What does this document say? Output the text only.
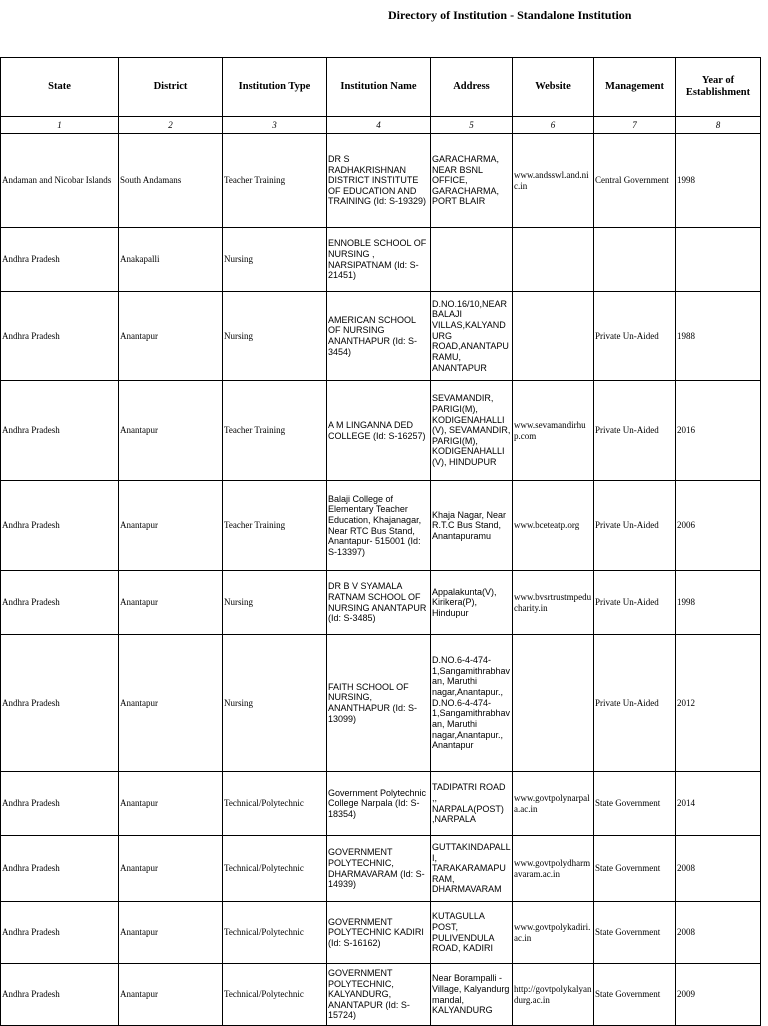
Directory of Institution - Standalone Institution
State	District	Institution Type	Institution Name	Address	Website	Management	Year of Establishment
1	2	3	4	5	6	7	8
Andaman and Nicobar Islands	South Andamans	Teacher Training	DR S RADHAKRISHNAN DISTRICT INSTITUTE OF EDUCATION AND TRAINING (Id: S-19329)	GARACHARMA, NEAR BSNL OFFICE, GARACHARMA, PORT BLAIR	www.andsswl.and.nic.in	Central Government	1998
Andhra Pradesh	Anakapalli	Nursing	ENNOBLE SCHOOL OF NURSING , NARSIPATNAM (Id: S-21451)				
Andhra Pradesh	Anantapur	Nursing	AMERICAN SCHOOL OF NURSING ANANTHAPUR (Id: S-3454)	D.NO.16/10,NEAR BALAJI VILLAS,KALYANDURG ROAD,ANANTAPURAMU, ANANTAPUR		Private Un-Aided	1988
Andhra Pradesh	Anantapur	Teacher Training	A M LINGANNA DED COLLEGE (Id: S-16257)	SEVAMANDIR, PARIGI(M), KODIGENAHALLI (V), SEVAMANDIR, PARIGI(M), KODIGENAHALLI (V), HINDUPUR	www.sevamandirhup.com	Private Un-Aided	2016
Andhra Pradesh	Anantapur	Teacher Training	Balaji College of Elementary Teacher Education, Khajanagar, Near RTC Bus Stand, Anantapur- 515001 (Id: S-13397)	Khaja Nagar, Near R.T.C Bus Stand, Anantapuramu	www.bceteatp.org	Private Un-Aided	2006
Andhra Pradesh	Anantapur	Nursing	DR B V SYAMALA RATNAM SCHOOL OF NURSING ANANTAPUR (Id: S-3485)	Appalakunta(V), Kirikera(P), Hindupur	www.bvsrtrustmpeducharity.in	Private Un-Aided	1998
Andhra Pradesh	Anantapur	Nursing	FAITH SCHOOL OF NURSING, ANANTHAPUR (Id: S-13099)	D.NO.6-4-474-1,Sangamithrabhavan, Maruthi nagar,Anantapur., D.NO.6-4-474-1,Sangamithrabhavan, Maruthi nagar,Anantapur., Anantapur		Private Un-Aided	2012
Andhra Pradesh	Anantapur	Technical/Polytechnic	Government Polytechnic College Narpala (Id: S-18354)	TADIPATRI ROAD ,, NARPALA(POST) ,NARPALA	www.govtpolynarpala.ac.in	State Government	2014
Andhra Pradesh	Anantapur	Technical/Polytechnic	GOVERNMENT POLYTECHNIC, DHARMAVARAM (Id: S-14939)	GUTTAKINDAPALLI, TARAKARAMAPURAM, DHARMAVARAM	www.govtpolydharmavaram.ac.in	State Government	2008
Andhra Pradesh	Anantapur	Technical/Polytechnic	GOVERNMENT POLYTECHNIC KADIRI (Id: S-16162)	KUTAGULLA POST, PULIVENDULA ROAD, KADIRI	www.govtpolykadiri.ac.in	State Government	2008
Andhra Pradesh	Anantapur	Technical/Polytechnic	GOVERNMENT POLYTECHNIC, KALYANDURG, ANANTAPUR (Id: S-15724)	Near Borampalli - Village, Kalyandurg mandal, KALYANDURG	http://govtpolykalyandurg.ac.in	State Government	2009
